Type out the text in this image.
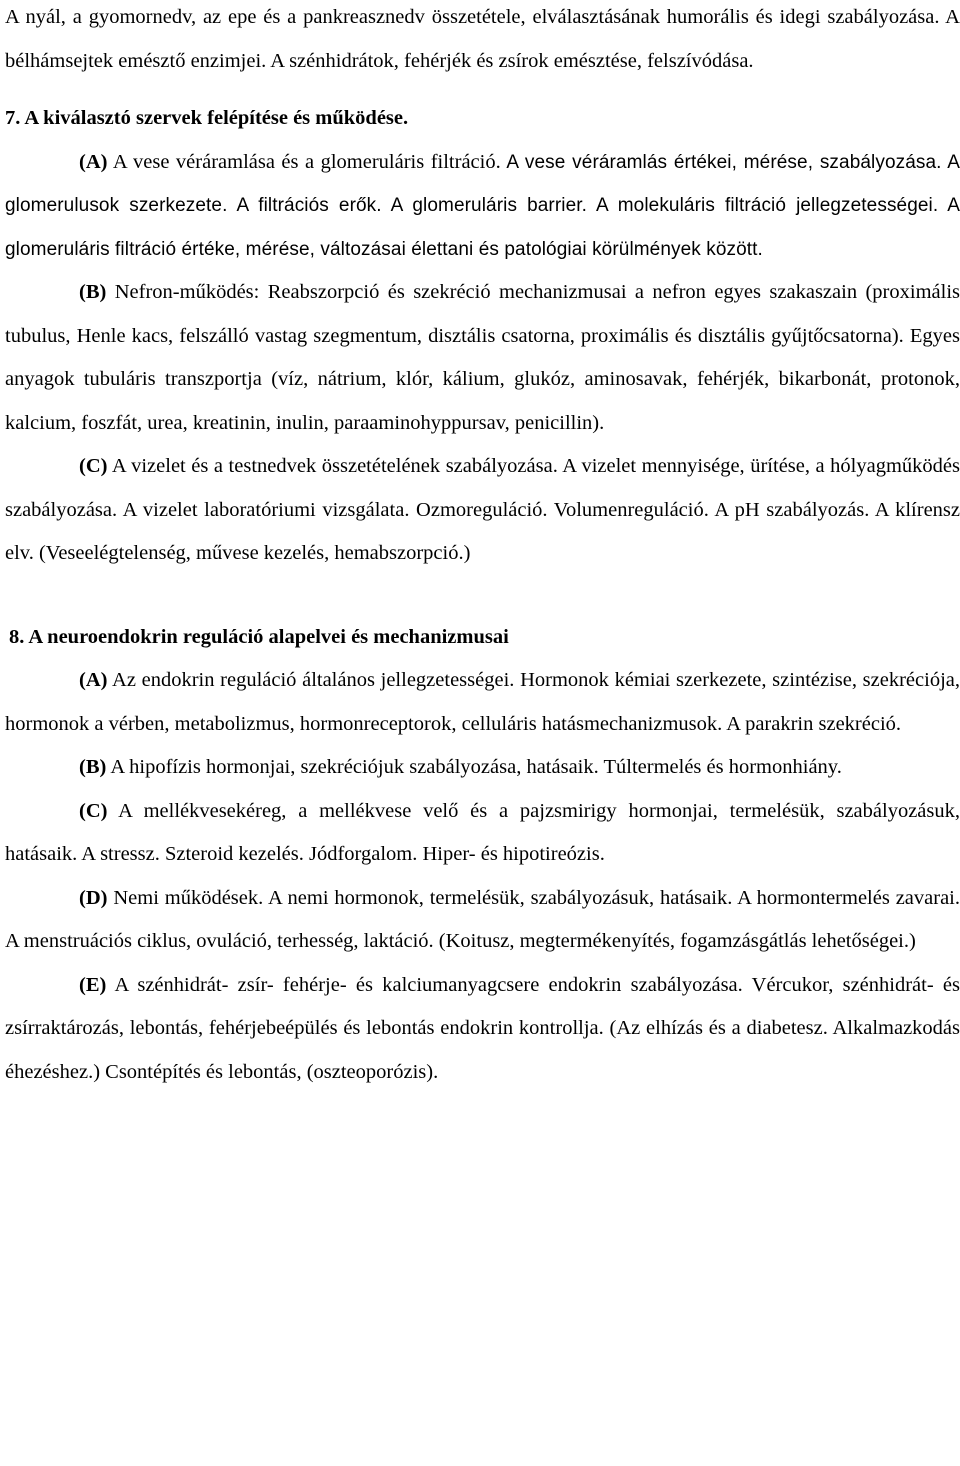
A nyál, a gyomornedv, az epe és a pankreasznedv összetétele, elválasztásának humorális és idegi szabályozása. A bélhámsejtek emésztő enzimjei. A szénhidrátok, fehérjék és zsírok emésztése, felszívódása.

7. A kiválasztó szervek felépítése és működése.

(A) A vese véráramlása és a glomeruláris filtráció. A vese véráramlás értékei, mérése, szabályozása. A glomerulusok szerkezete. A filtrációs erők. A glomeruláris barrier. A molekuláris filtráció jellegzetességei. A glomeruláris filtráció értéke, mérése, változásai élettani és patológiai körülmények között.

(B) Nefron-működés: Reabszorpció és szekréció mechanizmusai a nefron egyes szakaszain (proximális tubulus, Henle kacs, felszálló vastag szegmentum, disztális csatorna, proximális és disztális gyűjtőcsatorna). Egyes anyagok tubuláris transzportja (víz, nátrium, klór, kálium, glukóz, aminosavak, fehérjék, bikarbonát, protonok, kalcium, foszfát, urea, kreatinin, inulin, paraaminohyppursav, penicillin).

(C) A vizelet és a testnedvek összetételének szabályozása. A vizelet mennyisége, ürítése, a hólyagműködés szabályozása. A vizelet laboratóriumi vizsgálata. Ozmoreguláció. Volumenreguláció. A pH szabályozás. A klírensz elv. (Veseelégtelenség, művese kezelés, hemabszorpció.)

8. A neuroendokrin reguláció alapelvei és mechanizmusai

(A) Az endokrin reguláció általános jellegzetességei. Hormonok kémiai szerkezete, szintézise, szekréciója, hormonok a vérben, metabolizmus, hormonreceptorok, celluláris hatásmechanizmusok. A parakrin szekréció.

(B) A hipofízis hormonjai, szekréciójuk szabályozása, hatásaik. Túltermelés és hormonhiány.

(C) A mellékvesekéreg, a mellékvese velő és a pajzsmirigy hormonjai, termelésük, szabályozásuk, hatásaik. A stressz. Szteroid kezelés. Jódforgalom. Hiper- és hipotireózis.

(D) Nemi működések. A nemi hormonok, termelésük, szabályozásuk, hatásaik. A hormontermelés zavarai. A menstruációs ciklus, ovuláció, terhesség, laktáció. (Koitusz, megtermékenyítés, fogamzásgátlás lehetőségei.)

(E) A szénhidrát- zsír- fehérje- és kalciumanyagcsere endokrin szabályozása. Vércukor, szénhidrát- és zsírraktározás, lebontás, fehérjebeépülés és lebontás endokrin kontrollja. (Az elhízás és a diabetesz. Alkalmazkodás éhezéshez.) Csontépítés és lebontás, (oszteoporózis).
